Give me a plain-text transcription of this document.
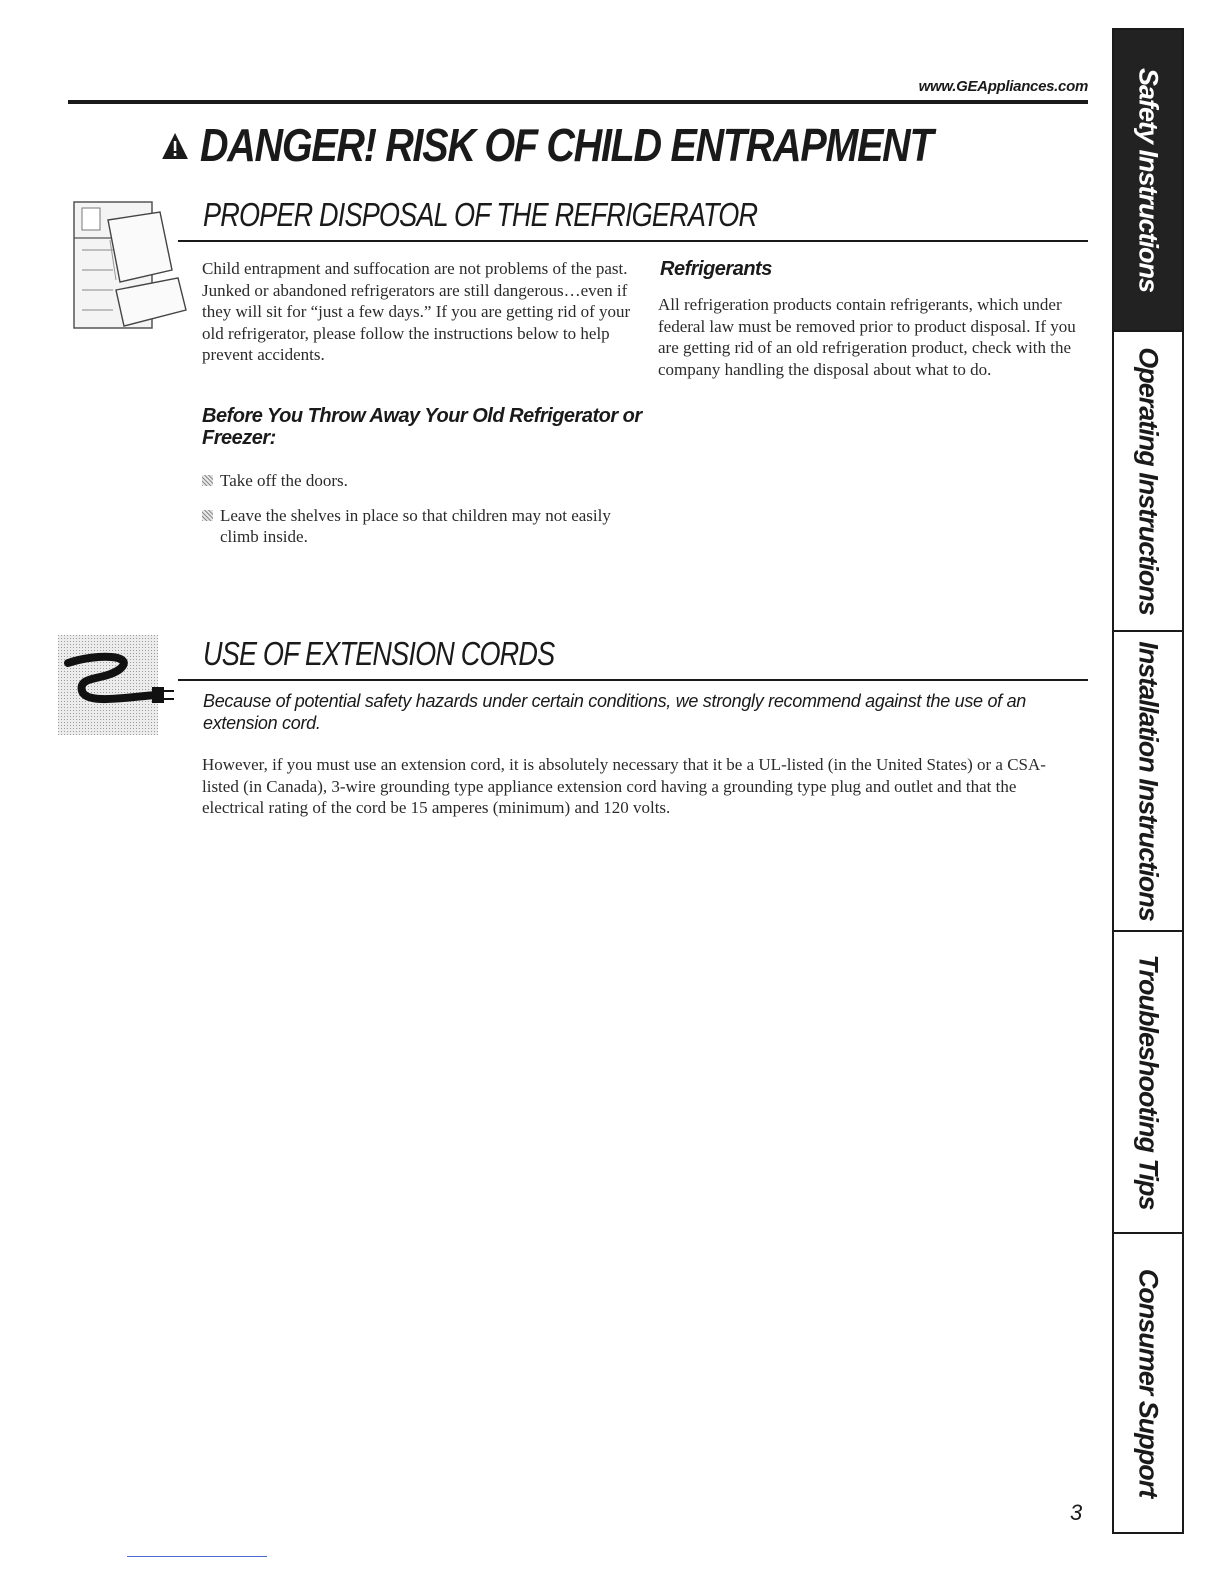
www.GEAppliances.com
DANGER! RISK OF CHILD ENTRAPMENT
PROPER DISPOSAL OF THE REFRIGERATOR
Child entrapment and suffocation are not problems of the past. Junked or abandoned refrigerators are still dangerous…even if they will sit for “just a few days.” If you are getting rid of your old refrigerator, please follow the instructions below to help prevent accidents.
Before You Throw Away Your Old Refrigerator or Freezer:
Take off the doors.
Leave the shelves in place so that children may not easily climb inside.
Refrigerants
All refrigeration products contain refrigerants, which under federal law must be removed prior to product disposal. If you are getting rid of an old refrigeration product, check with the company handling the disposal about what to do.
USE OF EXTENSION CORDS
Because of potential safety hazards under certain conditions, we strongly recommend against the use of an extension cord.
However, if you must use an extension cord, it is absolutely necessary that it be a UL-listed (in the United States) or a CSA-listed (in Canada), 3-wire grounding type appliance extension cord having a grounding type plug and outlet and that the electrical rating of the cord be 15 amperes (minimum) and 120 volts.
Safety Instructions
Operating Instructions
Installation Instructions
Troubleshooting Tips
Consumer Support
3
